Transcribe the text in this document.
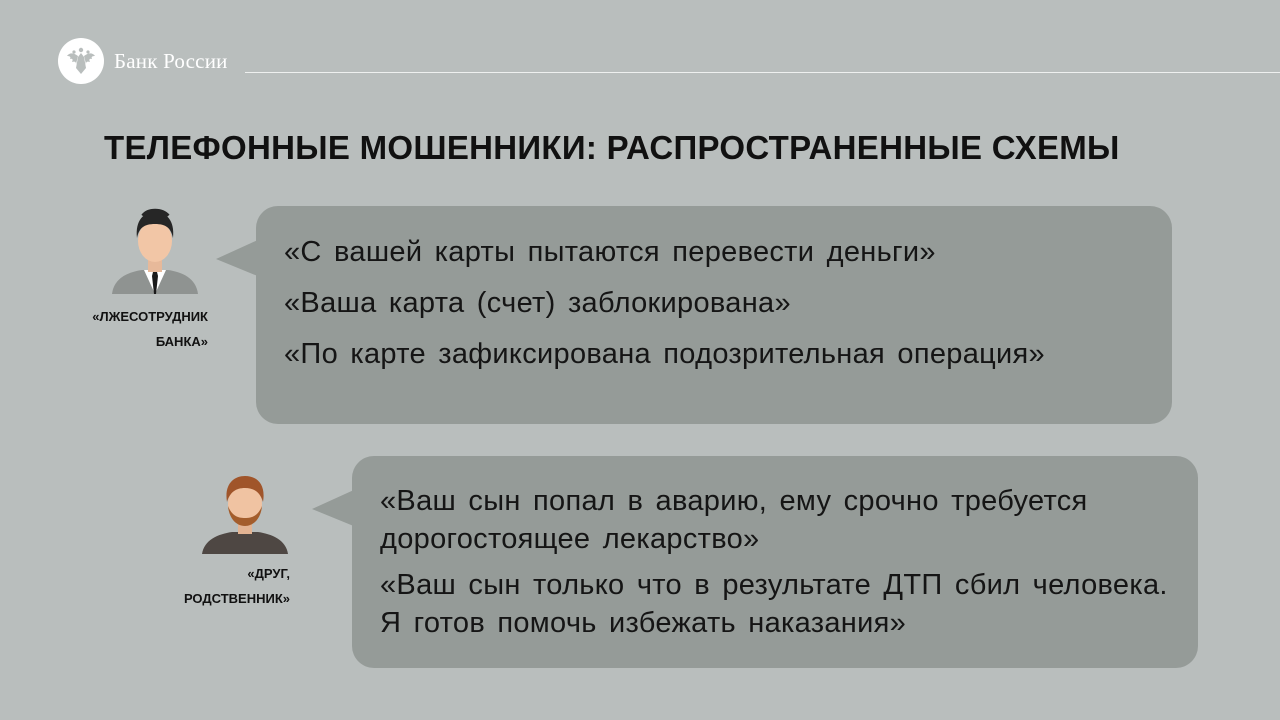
Банк России
ТЕЛЕФОННЫЕ МОШЕННИКИ: РАСПРОСТРАНЕННЫЕ СХЕМЫ
«ЛЖЕСОТРУДНИК
БАНКА»

«С вашей карты пытаются перевести деньги»

«Ваша карта (счет) заблокирована»

«По карте зафиксирована подозрительная операция»

«ДРУГ,
РОДСТВЕННИК»

«Ваш сын попал в аварию, ему срочно требуется дорогостоящее лекарство»

«Ваш сын только что в результате ДТП сбил человека. Я готов помочь избежать наказания»
